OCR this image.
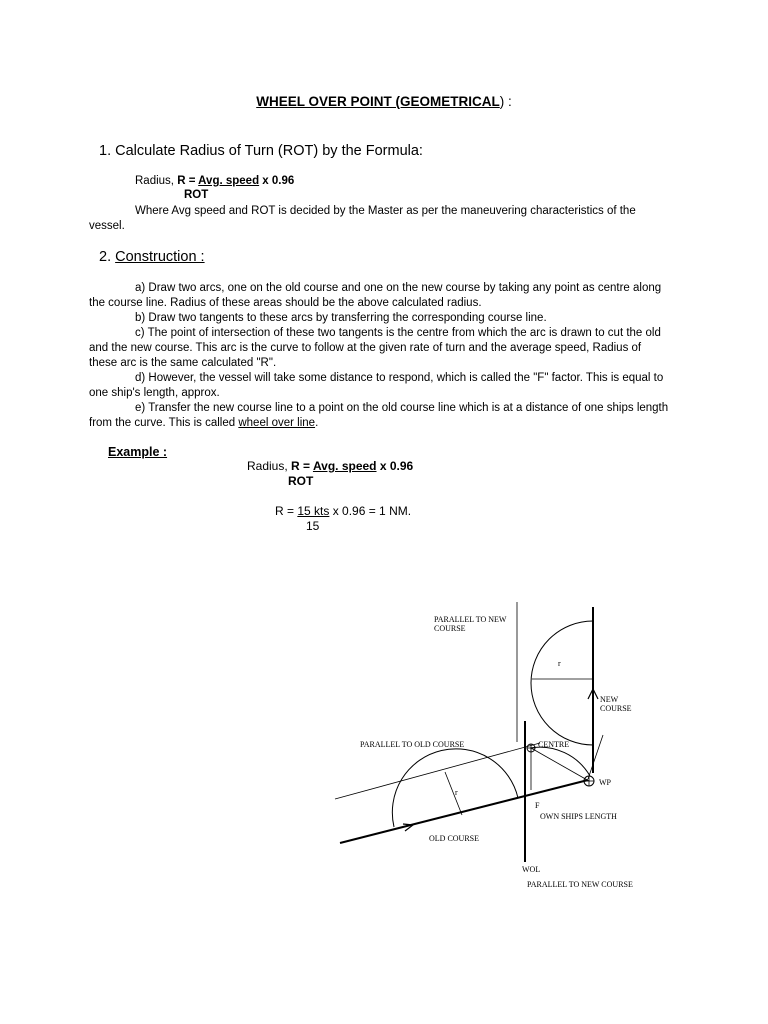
WHEEL OVER POINT (GEOMETRICAL) :
1. Calculate Radius of Turn (ROT) by the Formula:
Radius, R = Avg. speed x 0.96
ROT
Where Avg speed and ROT is decided by the Master as per the maneuvering characteristics of the vessel.
2. Construction :
a) Draw two arcs, one on the old course and one on the new course by taking any point as centre along the course line. Radius of these areas should be the above calculated radius.
b) Draw two tangents to these arcs by transferring the corresponding course line.
c) The point of intersection of these two tangents is the centre from which the arc is drawn to cut the old and the new course. This arc is the curve to follow at the given rate of turn and the average speed, Radius of these arc is the same calculated "R".
d) However, the vessel will take some distance to respond, which is called the "F" factor. This is equal to one ship's length, approx.
e) Transfer the new course line to a point on the old course line which is at a distance of one ships length from the curve. This is called wheel over line.
Example :
Radius, R = Avg. speed x 0.96
ROT
R = 15 kts x 0.96 = 1 NM.
15
PARALLEL TO NEW
COURSE
r
NEW
COURSE
PARALLEL TO OLD COURSE	CENTRE
WP
r
F
OWN SHIPS LENGTH
OLD COURSE
WOL
PARALLEL TO NEW COURSE
